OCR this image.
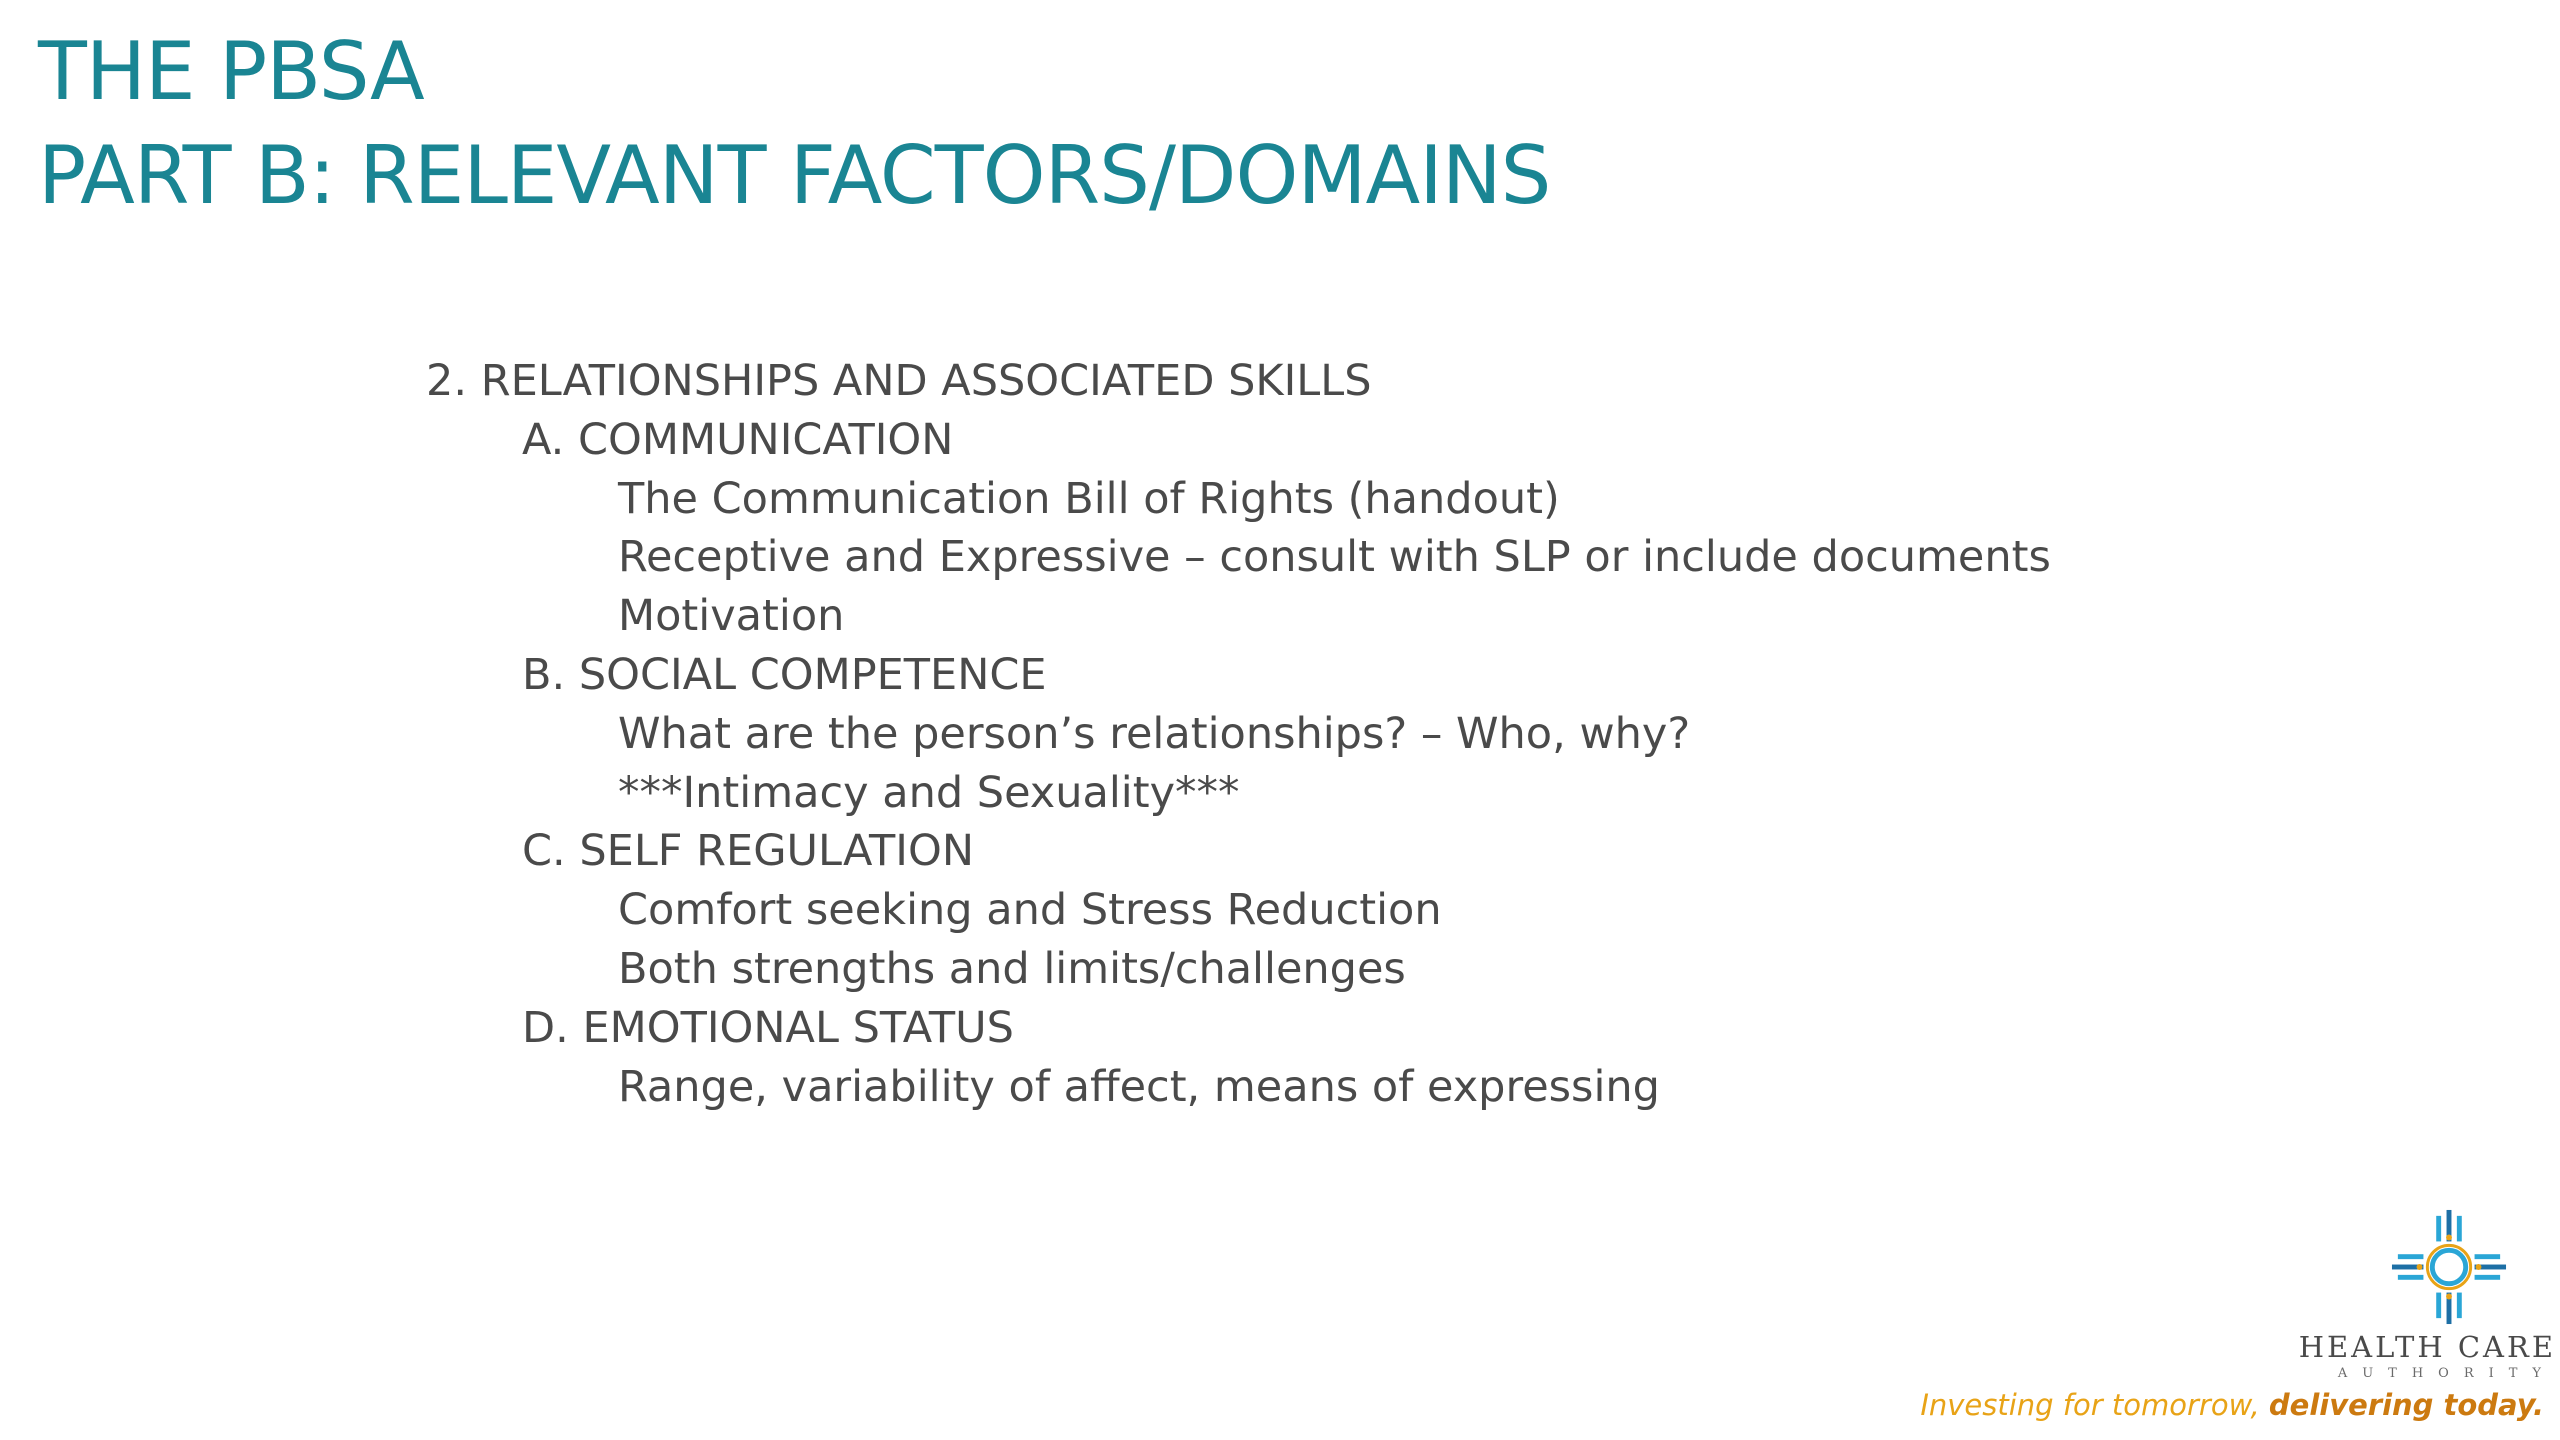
THE PBSA
PART B: RELEVANT FACTORS/DOMAINS
2. RELATIONSHIPS AND ASSOCIATED SKILLS
A. COMMUNICATION
The Communication Bill of Rights (handout)
Receptive and Expressive – consult with SLP or include documents
Motivation
B. SOCIAL COMPETENCE
What are the person’s relationships? – Who, why?
***Intimacy and Sexuality***
C. SELF REGULATION
Comfort seeking and Stress Reduction
Both strengths and limits/challenges
D. EMOTIONAL STATUS
Range, variability of affect, means of expressing
HEALTH CARE
AUTHORITY
Investing for tomorrow, delivering today.
